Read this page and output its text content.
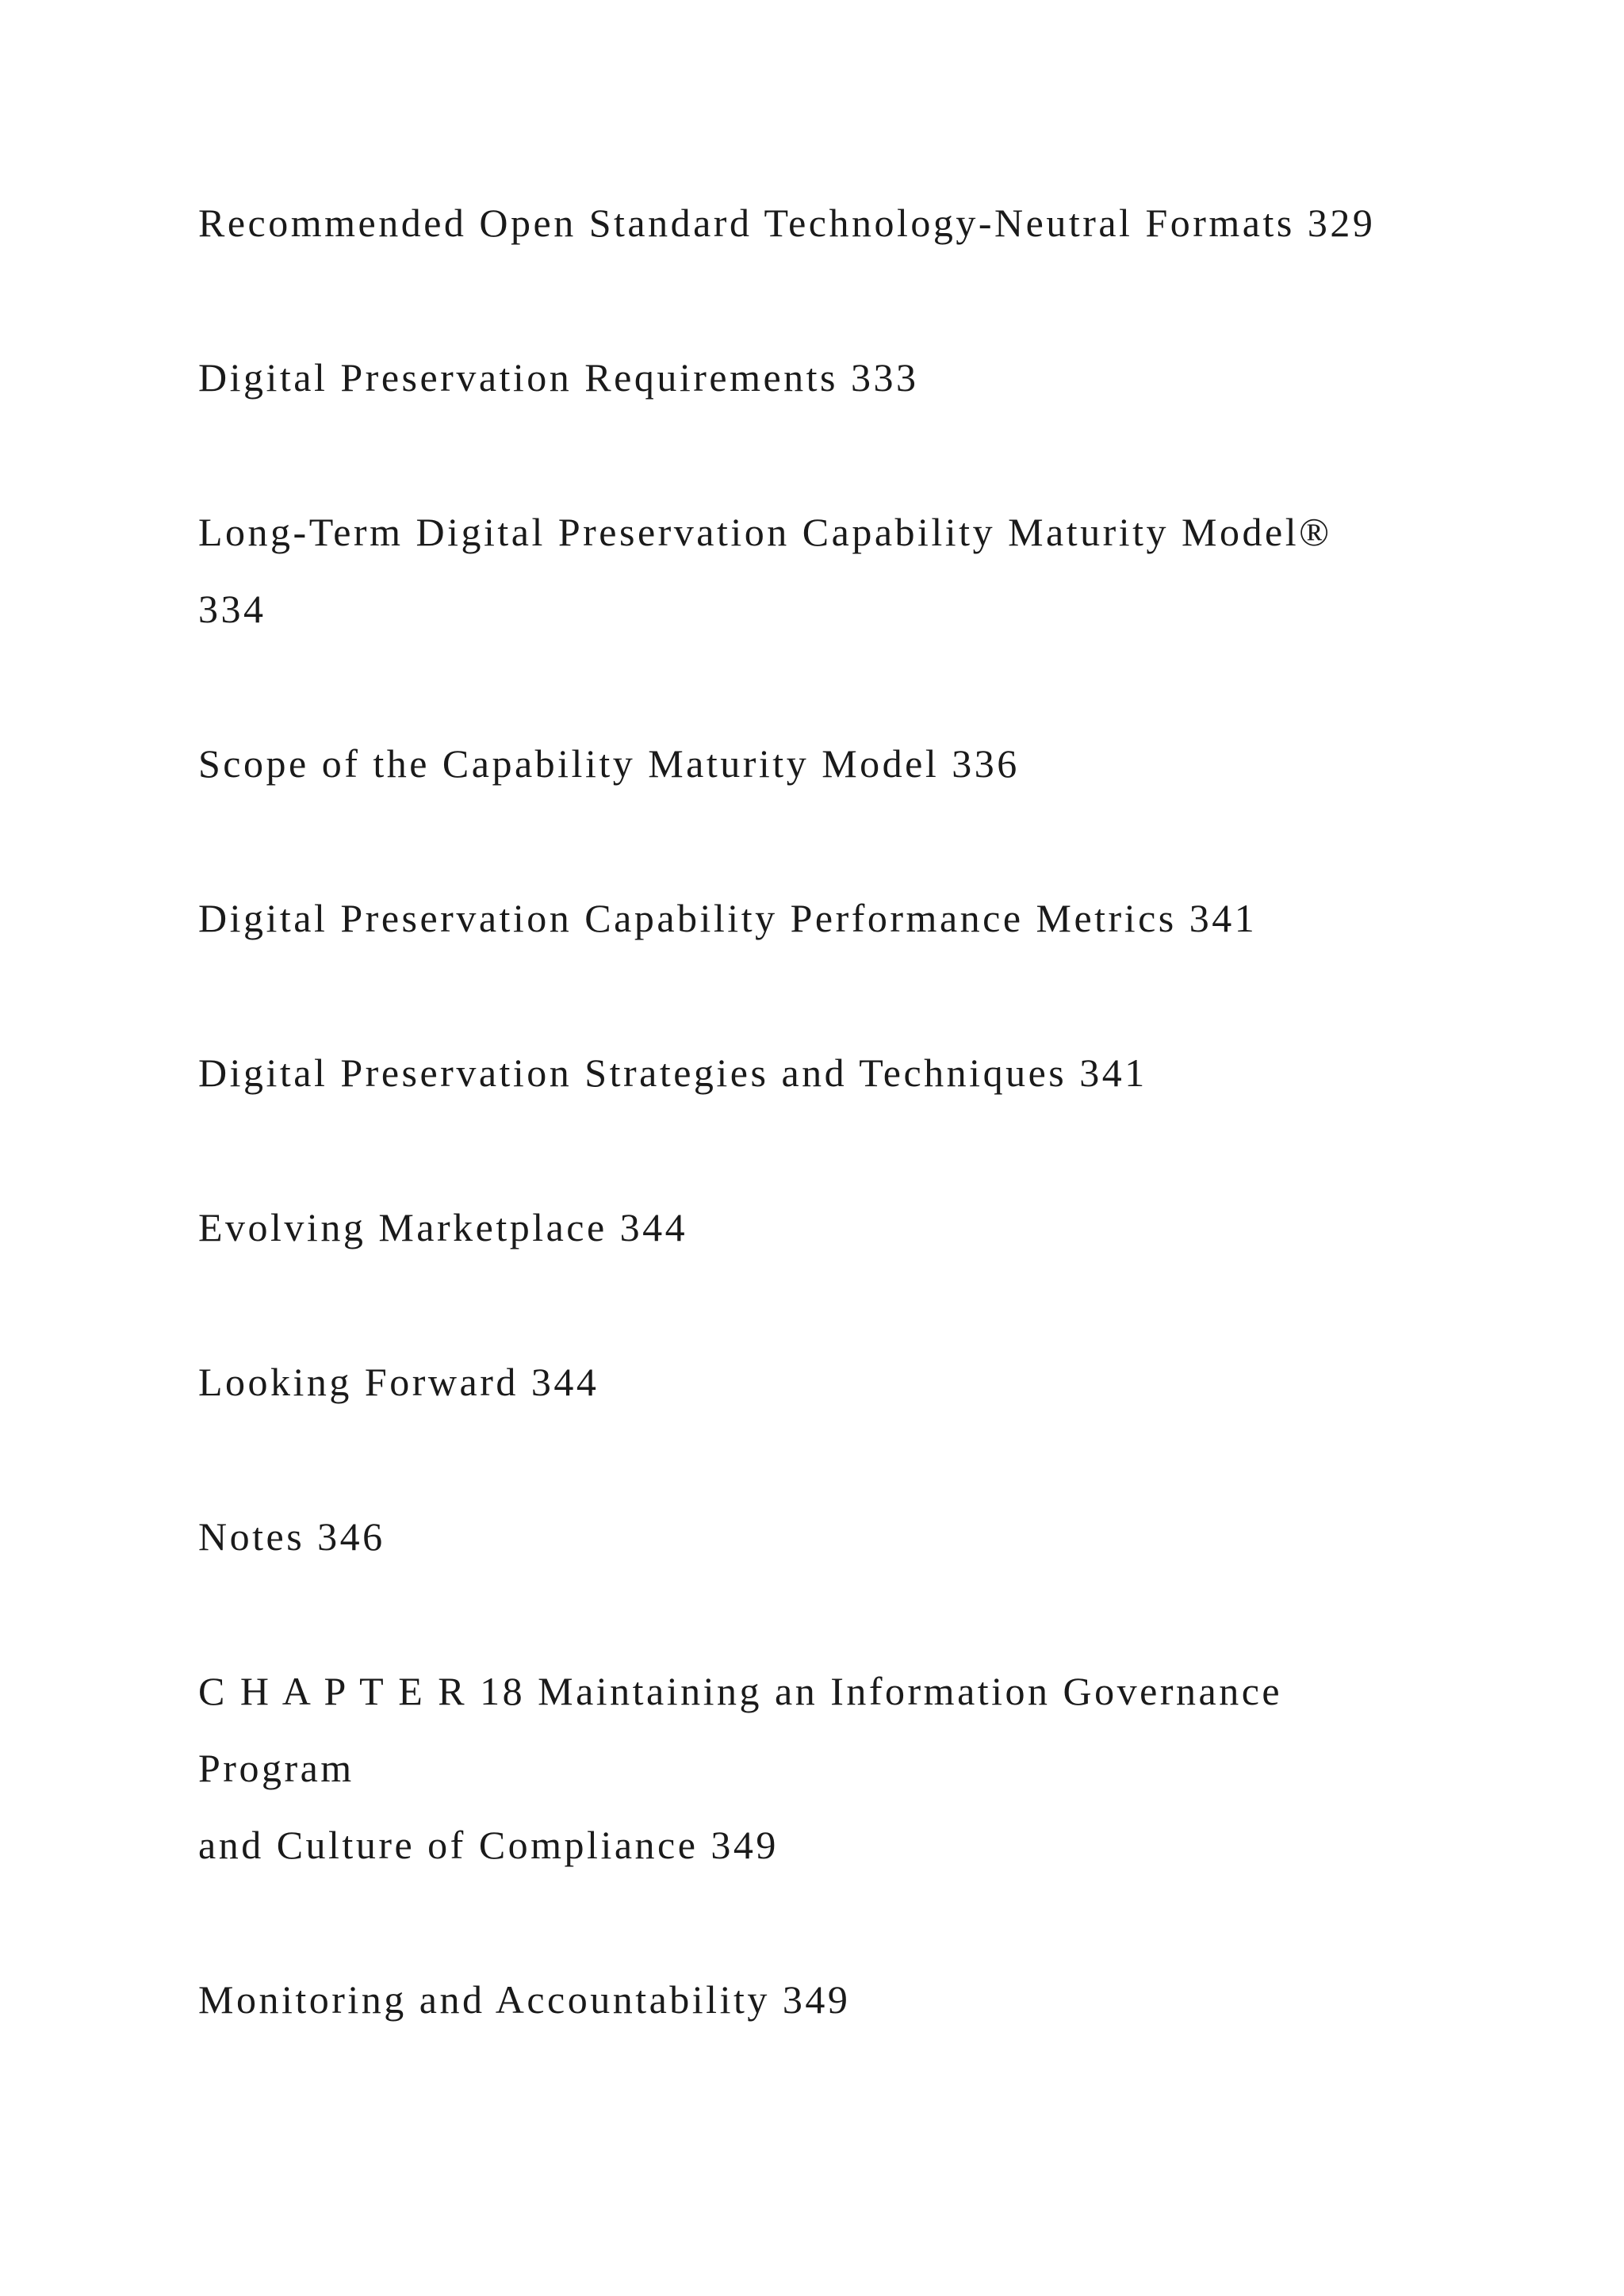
Recommended Open Standard Technology-Neutral Formats 329
Digital Preservation Requirements 333
Long-Term Digital Preservation Capability Maturity Model®
334
Scope of the Capability Maturity Model 336
Digital Preservation Capability Performance Metrics 341
Digital Preservation Strategies and Techniques 341
Evolving Marketplace 344
Looking Forward 344
Notes 346
C H A P T E R 18 Maintaining an Information Governance
Program
and Culture of Compliance 349
Monitoring and Accountability 349
